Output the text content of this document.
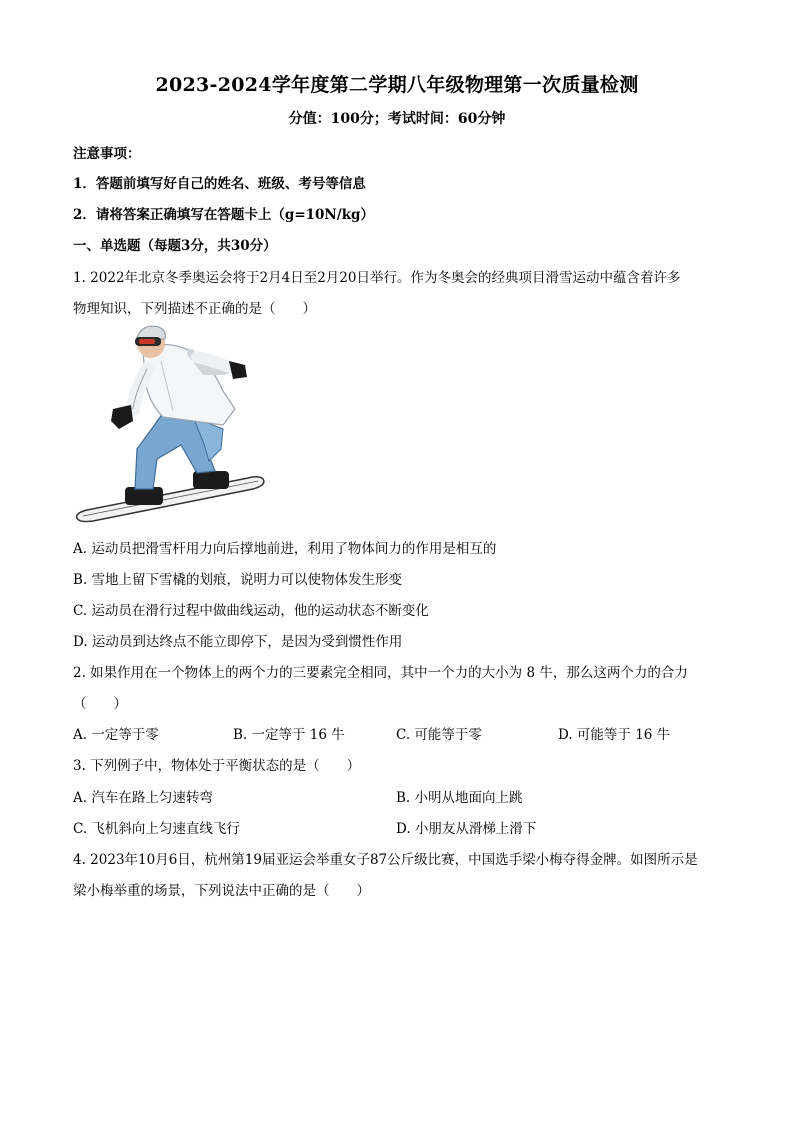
2023-2024学年度第二学期八年级物理第一次质量检测
分值：100分；考试时间：60分钟
注意事项：
1．答题前填写好自己的姓名、班级、考号等信息
2．请将答案正确填写在答题卡上（g=10N/kg）
一、单选题（每题3分，共30分）
1. 2022年北京冬季奥运会将于2月4日至2月20日举行。作为冬奥会的经典项目滑雪运动中蕴含着许多
物理知识，下列描述不正确的是（　　）
A. 运动员把滑雪杆用力向后撑地前进，利用了物体间力的作用是相互的
B. 雪地上留下雪橇的划痕，说明力可以使物体发生形变
C. 运动员在滑行过程中做曲线运动，他的运动状态不断变化
D. 运动员到达终点不能立即停下，是因为受到惯性作用
2. 如果作用在一个物体上的两个力的三要素完全相同，其中一个力的大小为 8 牛，那么这两个力的合力
（　　）
A. 一定等于零	B. 一定等于 16 牛	C. 可能等于零	D. 可能等于 16 牛
3. 下列例子中，物体处于平衡状态的是（　　）
A. 汽车在路上匀速转弯	B. 小明从地面向上跳
C. 飞机斜向上匀速直线飞行	D. 小朋友从滑梯上滑下
4. 2023年10月6日，杭州第19届亚运会举重女子87公斤级比赛，中国选手梁小梅夺得金牌。如图所示是
梁小梅举重的场景，下列说法中正确的是（　　）
